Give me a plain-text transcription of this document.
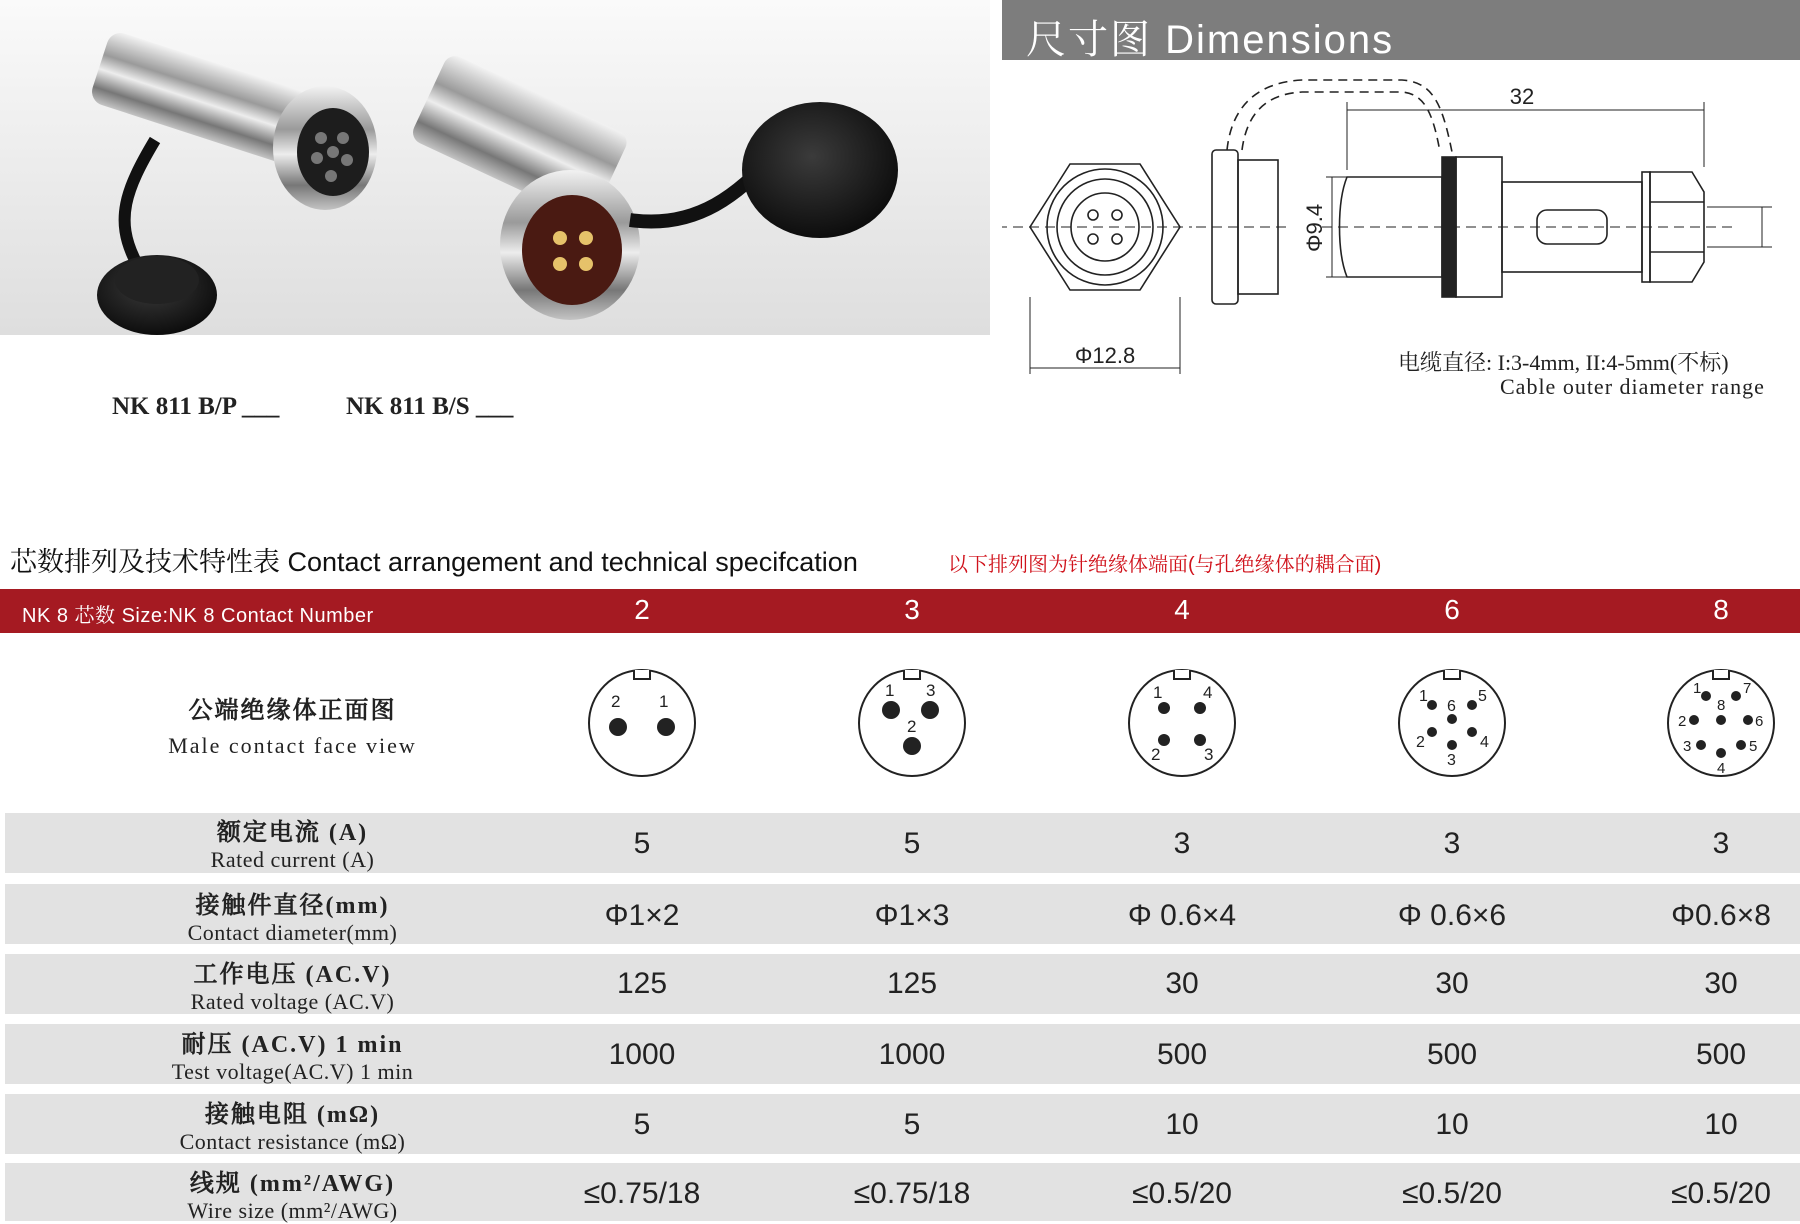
NK 811 B/P ___	NK 811 B/S ___
尺寸图 Dimensions
32
Φ9.4
Φ12.8	电缆直径: I:3-4mm, II:4-5mm(不标)
Cable outer diameter range
芯数排列及技术特性表 Contact arrangement and technical specifcation	以下排列图为针绝缘体端面(与孔绝缘体的耦合面)
NK 8 芯数 Size:NK 8 Contact Number	2	3	4	6	8
公端绝缘体正面图
Male contact face view
2 1
1 3
2
1 4
2	3
1
6
5
2	4
3
1	7
2
8
6
3	5
4
额定电流 (A)
Rated current (A)	5	5	3	3	3
接触件直径(mm)
Contact diameter(mm)
Φ1×2	Φ1×3	Φ 0.6×4	Φ 0.6×6	Φ0.6×8
工作电压 (AC.V)
Rated voltage (AC.V)
125	125	30	30	30
耐压 (AC.V) 1 min
Test voltage(AC.V) 1 min
1000	1000	500	500	500
接触电阻 (mΩ)
Contact resistance (mΩ)
5	5	10	10	10
线规 (mm²/AWG)
Wire size (mm²/AWG)
≤0.75/18	≤0.75/18	≤0.5/20	≤0.5/20	≤0.5/20
